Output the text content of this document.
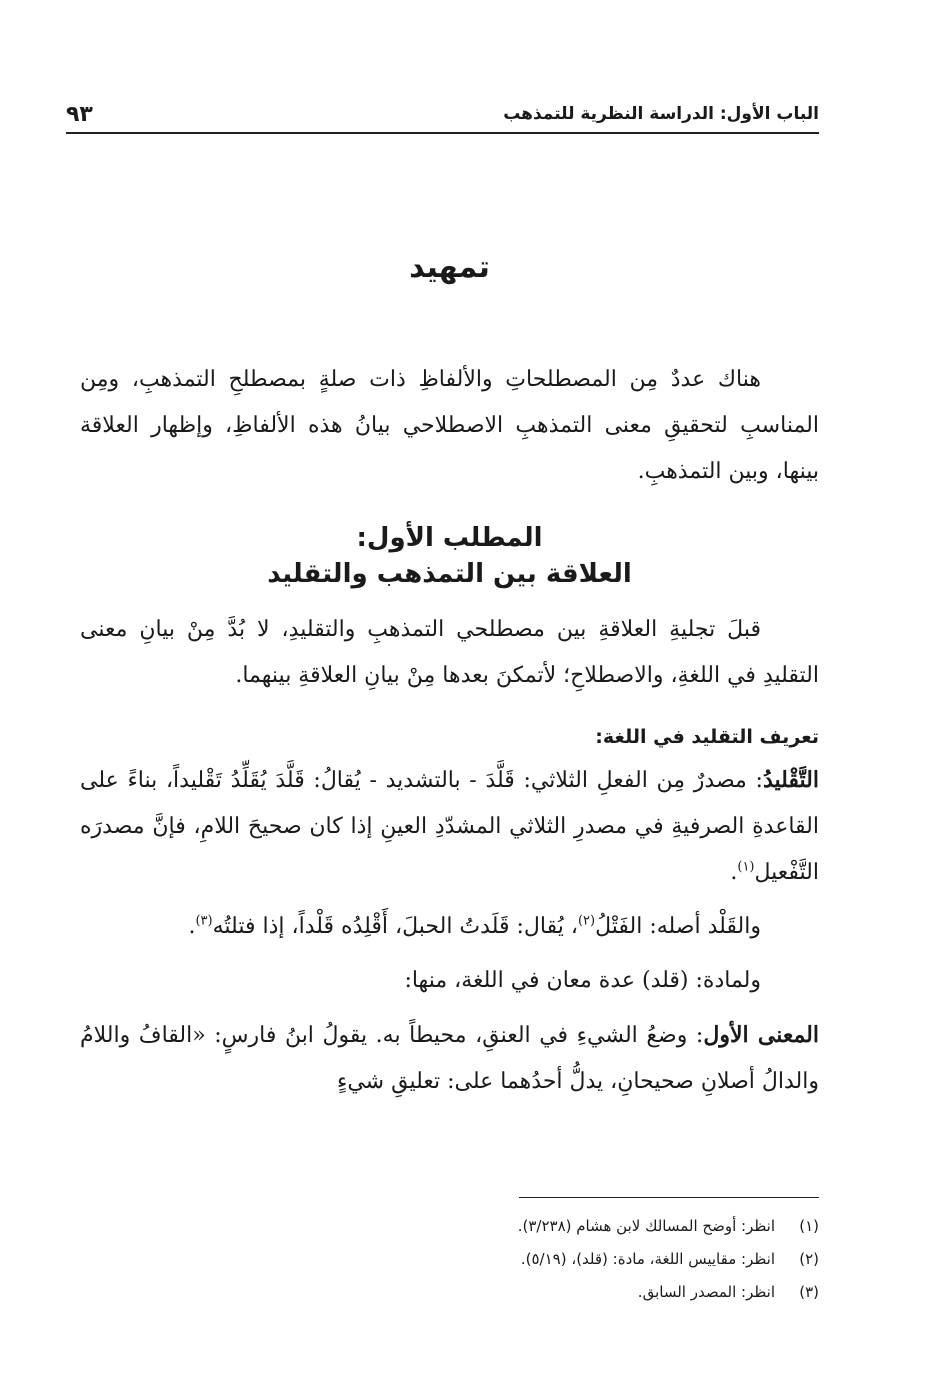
الباب الأول: الدراسة النظرية للتمذهب
٩٣
تمهيد

هناك عددٌ مِن المصطلحاتِ والألفاظِ ذات صلةٍ بمصطلحِ التمذهبِ، ومِن المناسبِ لتحقيقِ معنى التمذهبِ الاصطلاحي بيانُ هذه الألفاظِ، وإظهار العلاقة بينها، وبين التمذهبِ.

المطلب الأول:
العلاقة بين التمذهب والتقليد

قبلَ تجليةِ العلاقةِ بين مصطلحي التمذهبِ والتقليدِ، لا بُدَّ مِنْ بيانِ معنى التقليدِ في اللغةِ، والاصطلاحِ؛ لأتمكنَ بعدها مِنْ بيانِ العلاقةِ بينهما.

تعريف التقليد في اللغة:

التَّقْليدُ: مصدرٌ مِن الفعلِ الثلاثي: قَلَّدَ - بالتشديد - يُقالُ: قَلَّدَ يُقَلِّدُ تَقْليداً، بناءً على القاعدةِ الصرفيةِ في مصدرِ الثلاثي المشدّدِ العينِ إذا كان صحيحَ اللامِ، فإنَّ مصدرَه التَّفْعيل$^{(١)}$.

والقَلْد أصله: الفَتْلُ$^{(٢)}$، يُقال: قَلَدتُ الحبلَ، أَقْلِدُه قَلْداً، إذا فتلتُه$^{(٣)}$.

ولمادة: (قلد) عدة معان في اللغة، منها:

المعنى الأول: وضعُ الشيءِ في العنقِ، محيطاً به. يقولُ ابنُ فارسٍ: «القافُ واللامُ والدالُ أصلانِ صحيحانِ، يدلُّ أحدُهما على: تعليقِ شيءٍ

(١)
انظر: أوضح المسالك لابن هشام (٣/٢٣٨).
(٢)
انظر: مقاييس اللغة، مادة: (قلد)، (٥/١٩).
(٣)
انظر: المصدر السابق.
